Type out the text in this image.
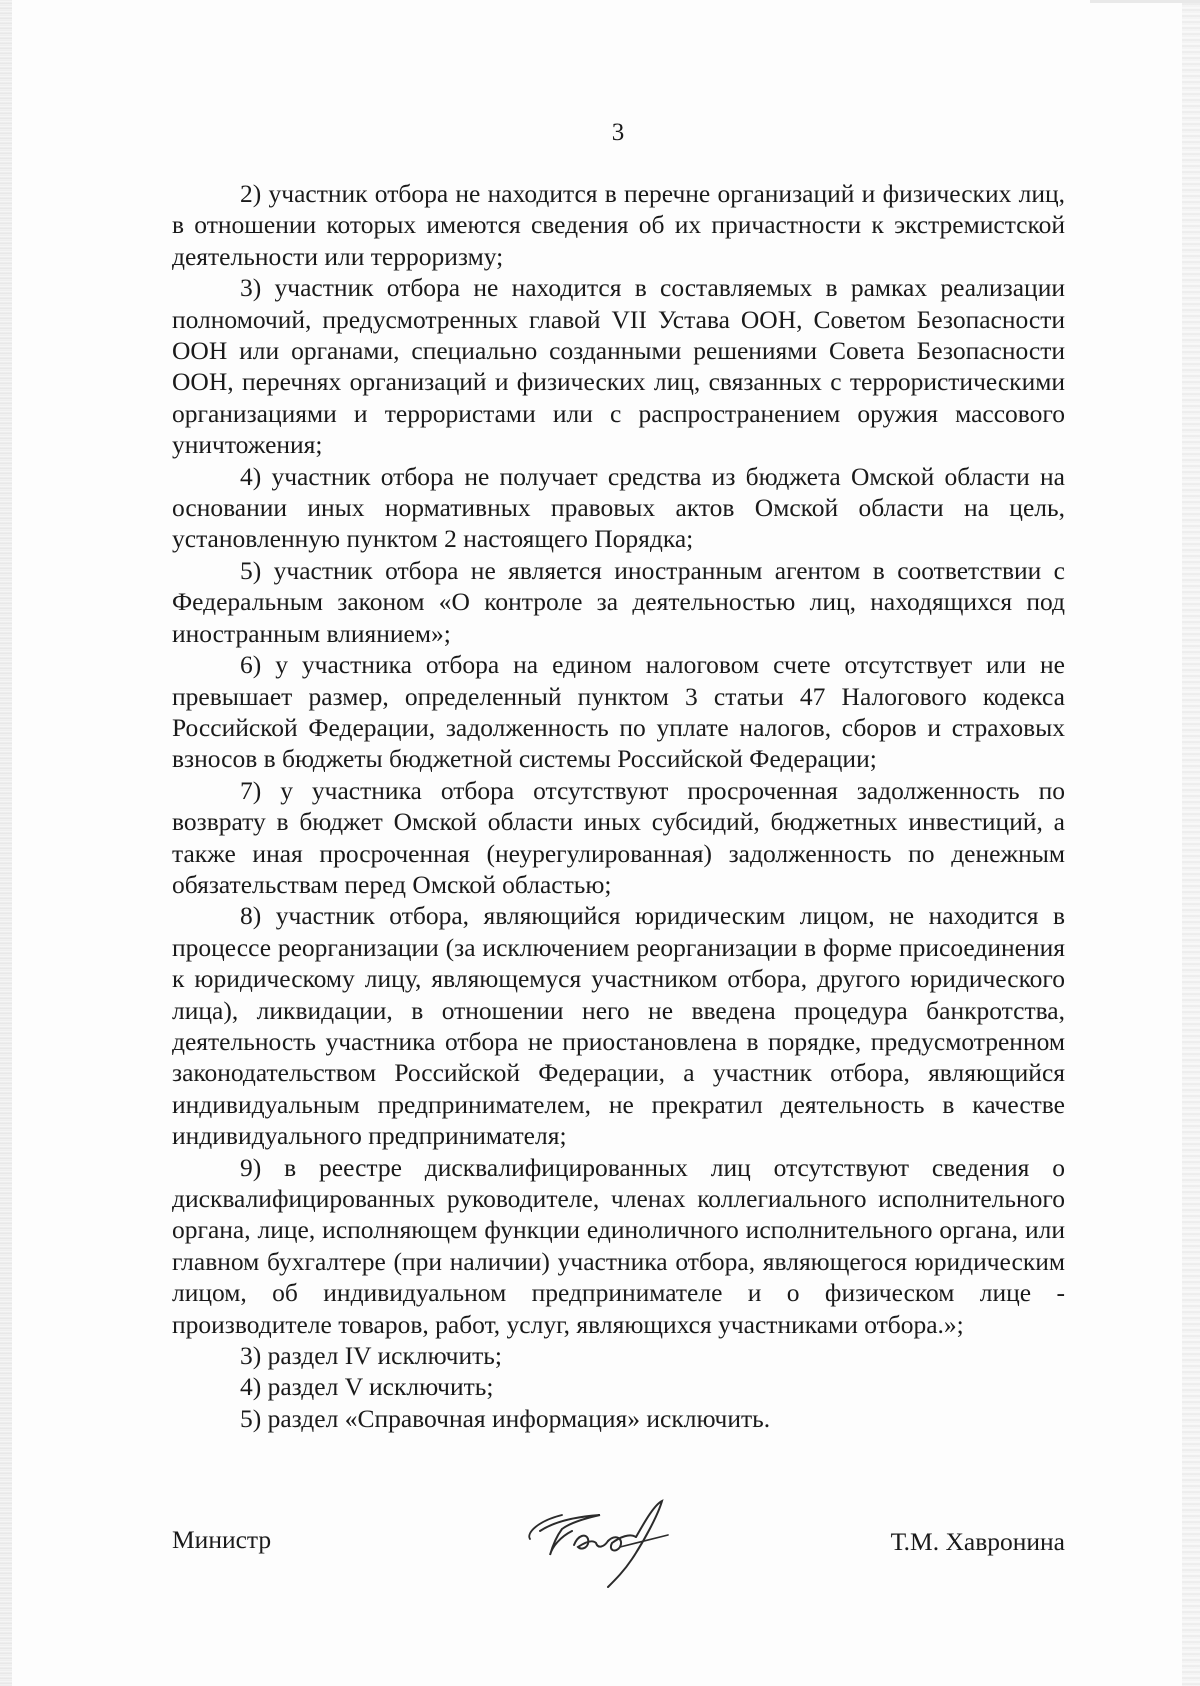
3

2) участник отбора не находится в перечне организаций и физических лиц, в отношении которых имеются сведения об их причастности к экстремистской деятельности или терроризму;

3) участник отбора не находится в составляемых в рамках реализации полномочий, предусмотренных главой VII Устава ООН, Советом Безопасности ООН или органами, специально созданными решениями Совета Безопасности ООН, перечнях организаций и физических лиц, связанных с террористическими организациями и террористами или с распространением оружия массового уничтожения;

4) участник отбора не получает средства из бюджета Омской области на основании иных нормативных правовых актов Омской области на цель, установленную пунктом 2 настоящего Порядка;

5) участник отбора не является иностранным агентом в соответствии с Федеральным законом «О контроле за деятельностью лиц, находящихся под иностранным влиянием»;

6) у участника отбора на едином налоговом счете отсутствует или не превышает размер, определенный пунктом 3 статьи 47 Налогового кодекса Российской Федерации, задолженность по уплате налогов, сборов и страховых взносов в бюджеты бюджетной системы Российской Федерации;

7) у участника отбора отсутствуют просроченная задолженность по возврату в бюджет Омской области иных субсидий, бюджетных инвестиций, а также иная просроченная (неурегулированная) задолженность по денежным обязательствам перед Омской областью;

8) участник отбора, являющийся юридическим лицом, не находится в процессе реорганизации (за исключением реорганизации в форме присоединения к юридическому лицу, являющемуся участником отбора, другого юридического лица), ликвидации, в отношении него не введена процедура банкротства, деятельность участника отбора не приостановлена в порядке, предусмотренном законодательством Российской Федерации, а участник отбора, являющийся индивидуальным предпринимателем, не прекратил деятельность в качестве индивидуального предпринимателя;

9) в реестре дисквалифицированных лиц отсутствуют сведения о дисквалифицированных руководителе, членах коллегиального исполнительного органа, лице, исполняющем функции единоличного исполнительного органа, или главном бухгалтере (при наличии) участника отбора, являющегося юридическим лицом, об индивидуальном предпринимателе и о физическом лице - производителе товаров, работ, услуг, являющихся участниками отбора.»;

3) раздел IV исключить;

4) раздел V исключить;

5) раздел «Справочная информация» исключить.

Министр	Т.М. Хавронина
